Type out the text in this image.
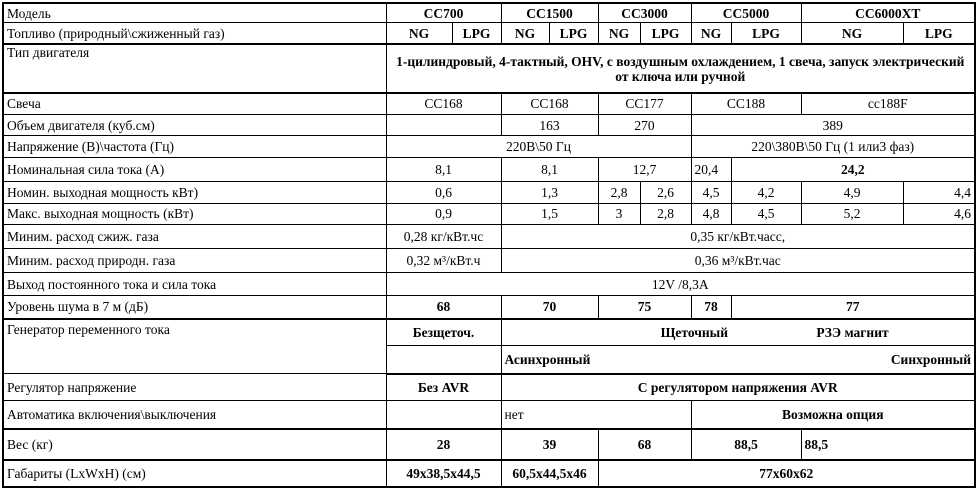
Модель	CC700		CC1500		CC3000		CC5000		CC6000XT	
Топливо (природный\сжиженный газ)	NG	LPG	NG	LPG	NG	LPG	NG	LPG	NG	LPG
Тип двигателя	1-цилиндровый, 4-тактный, OHV, с воздушным охлаждением, 1 свеча, запуск электрический от ключа или ручной									
Свеча	CC168		CC168		CC177		CC188		cc188F	
Объем двигателя (куб.см)			163		270		389			
Напряжение (В)\частота (Гц)	220В\50 Гц						220\380В\50 Гц (1 или3 фаз)			
Номинальная сила тока (А)	8,1		8,1		12,7		20,4	24,2		
Номин. выходная мощность кВт)	0,6		1,3		2,8	2,6	4,5	4,2	4,9	4,4
Макс. выходная мощность (кВт)	0,9		1,5		3	2,8	4,8	4,5	5,2	4,6
Миним. расход сжиж. газа	0,28 кг/кВт.чс		0,35 кг/кВт.часс,							
Миним. расход природн. газа	0,32 м³/кВт.ч		0,36 м³/кВт.час							
Выход постоянного тока и сила тока	12V /8,3А									
Уровень шума в 7 м (дБ)	68		70		75		78	77		
Генератор переменного тока	Безщеточ.		Щеточный					РЗЭ магнит		
			Асинхронный				Синхронный			
Регулятор напряжение	Без AVR		С регулятором напряжения AVR							
Автоматика включения\выключения			нет				Возможна опция			
Вес (кг)	28		39		68		88,5		88,5	
Габариты (LxWxH) (см)	49x38,5x44,5		60,5x44,5x46		77x60x62					
